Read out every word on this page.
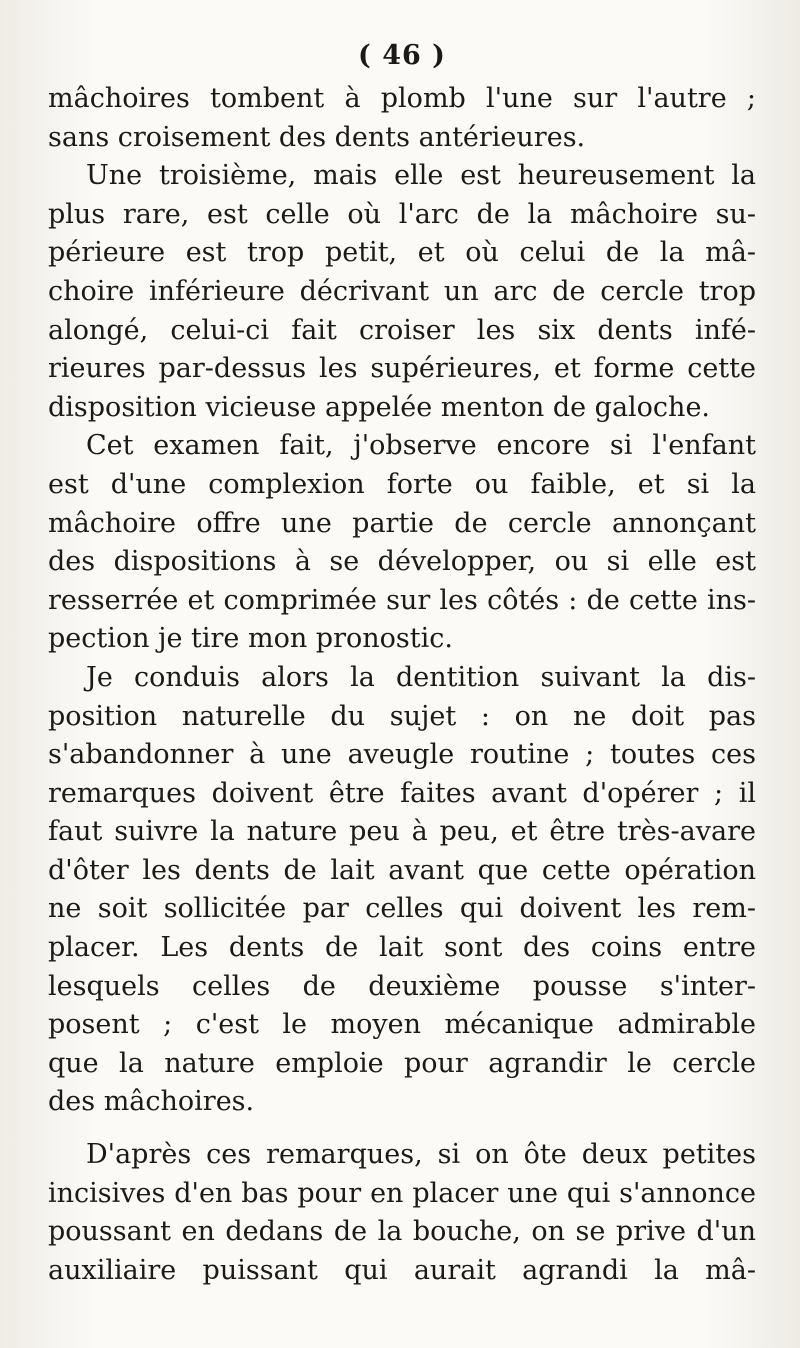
( 46 )
mâchoires tombent à plomb l'une sur l'autre ;
sans croisement des dents antérieures.
Une troisième, mais elle est heureusement la
plus rare, est celle où l'arc de la mâchoire su-
périeure est trop petit, et où celui de la mâ-
choire inférieure décrivant un arc de cercle trop
alongé, celui-ci fait croiser les six dents infé-
rieures par-dessus les supérieures, et forme cette
disposition vicieuse appelée menton de galoche.
Cet examen fait, j'observe encore si l'enfant
est d'une complexion forte ou faible, et si la
mâchoire offre une partie de cercle annonçant
des dispositions à se développer, ou si elle est
resserrée et comprimée sur les côtés : de cette ins-
pection je tire mon pronostic.
Je conduis alors la dentition suivant la dis-
position naturelle du sujet : on ne doit pas
s'abandonner à une aveugle routine ; toutes ces
remarques doivent être faites avant d'opérer ; il
faut suivre la nature peu à peu, et être très-avare
d'ôter les dents de lait avant que cette opération
ne soit sollicitée par celles qui doivent les rem-
placer. Les dents de lait sont des coins entre
lesquels celles de deuxième pousse s'inter-
posent ; c'est le moyen mécanique admirable
que la nature emploie pour agrandir le cercle
des mâchoires.
D'après ces remarques, si on ôte deux petites
incisives d'en bas pour en placer une qui s'annonce
poussant en dedans de la bouche, on se prive d'un
auxiliaire puissant qui aurait agrandi la mâ-
